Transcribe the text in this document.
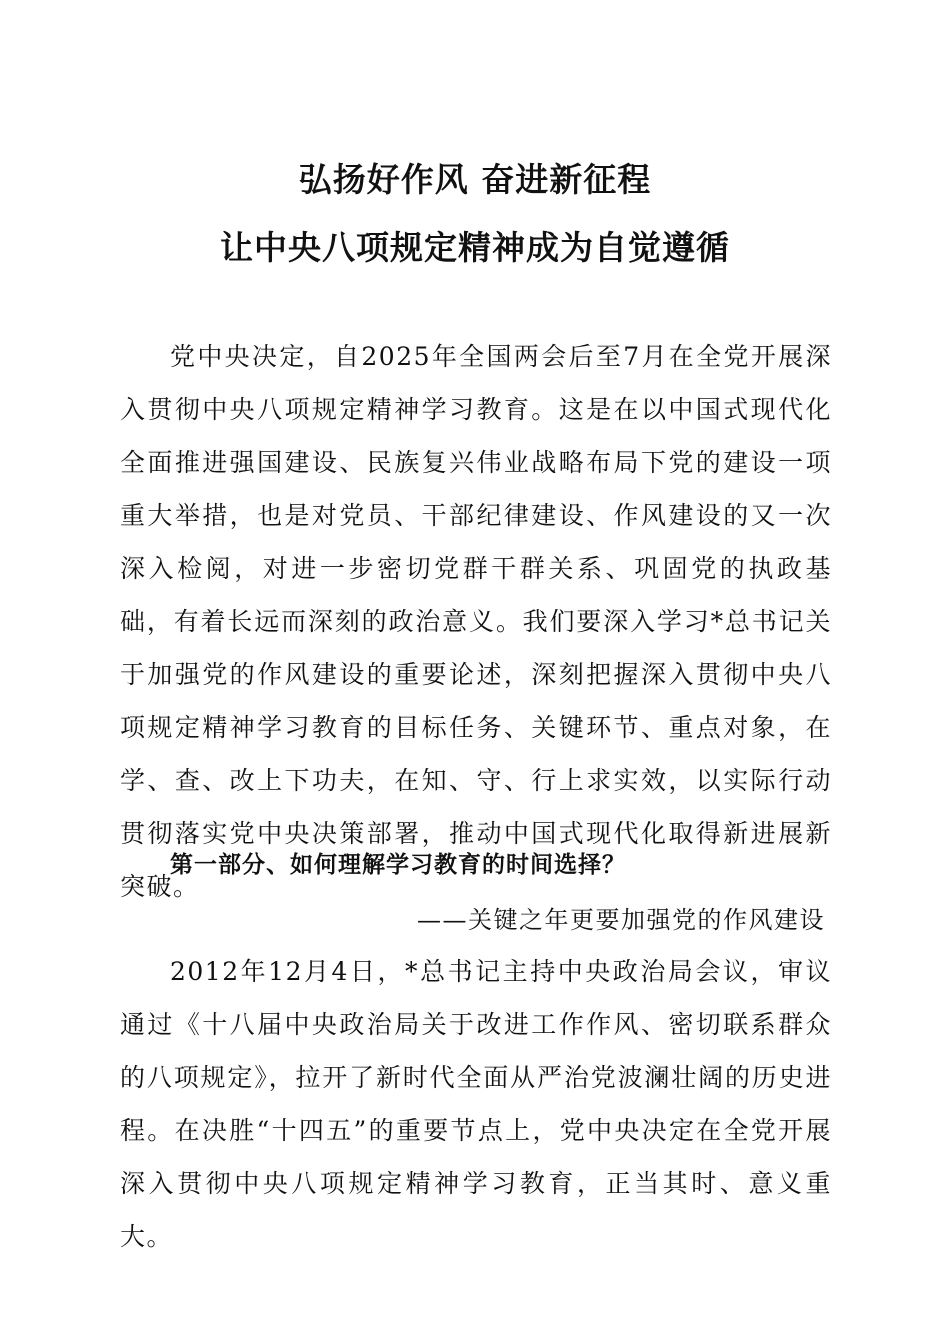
弘扬好作风 奋进新征程
让中央八项规定精神成为自觉遵循

党中央决定，自2025年全国两会后至7月在全党开展深入贯彻中央八项规定精神学习教育。这是在以中国式现代化全面推进强国建设、民族复兴伟业战略布局下党的建设一项重大举措，也是对党员、干部纪律建设、作风建设的又一次深入检阅，对进一步密切党群干群关系、巩固党的执政基础，有着长远而深刻的政治意义。我们要深入学习*总书记关于加强党的作风建设的重要论述，深刻把握深入贯彻中央八项规定精神学习教育的目标任务、关键环节、重点对象，在学、查、改上下功夫，在知、守、行上求实效，以实际行动贯彻落实党中央决策部署，推动中国式现代化取得新进展新突破。

第一部分、如何理解学习教育的时间选择？
——关键之年更要加强党的作风建设

2012年12月4日，*总书记主持中央政治局会议，审议通过《十八届中央政治局关于改进工作作风、密切联系群众的八项规定》，拉开了新时代全面从严治党波澜壮阔的历史进程。在决胜“十四五”的重要节点上，党中央决定在全党开展深入贯彻中央八项规定精神学习教育，正当其时、意义重大。
